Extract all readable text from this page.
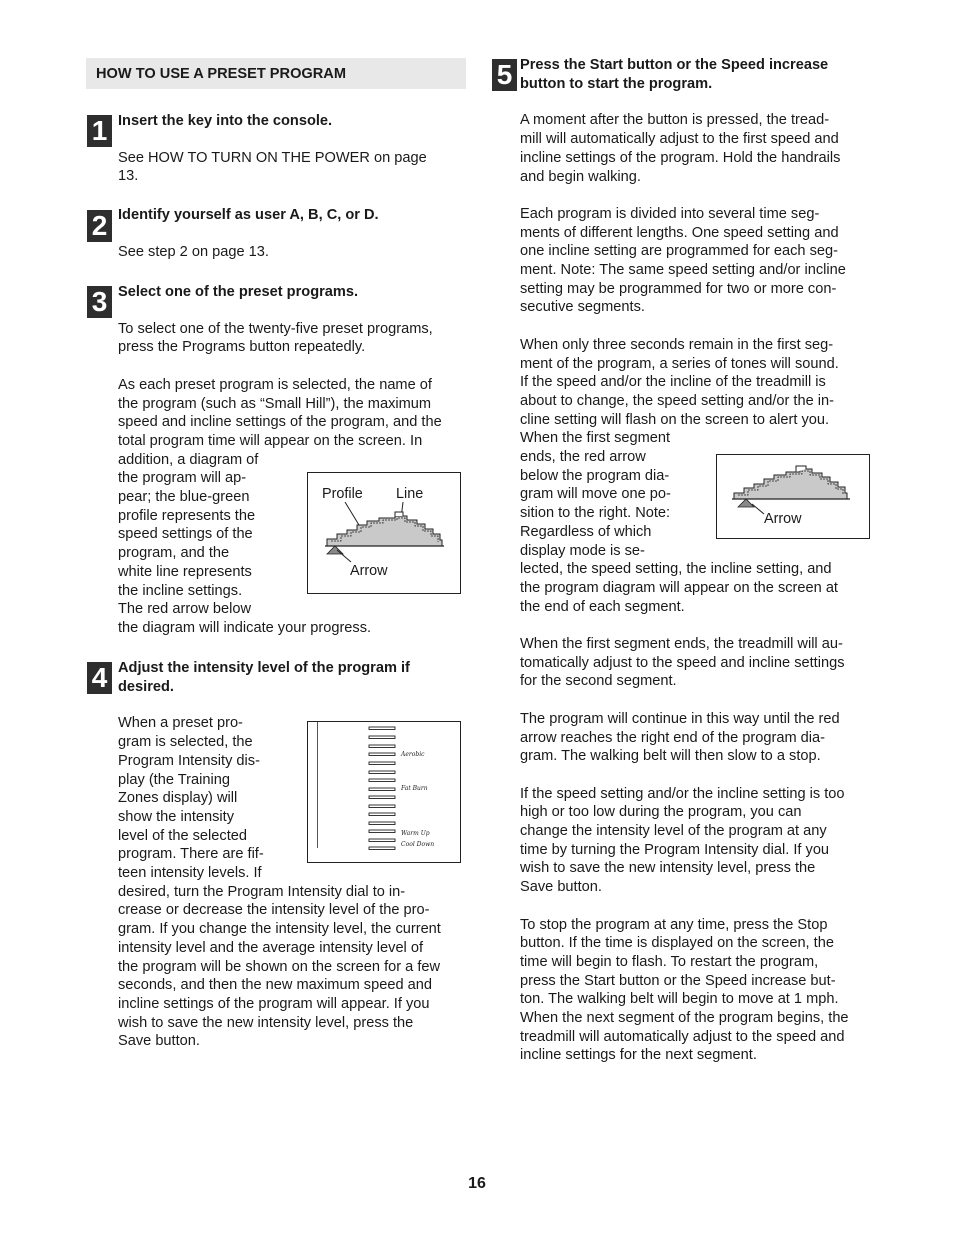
HOW TO USE A PRESET PROGRAM
1 Insert the key into the console.

See HOW TO TURN ON THE POWER on page
13.

2 Identify yourself as user A, B, C, or D.

See step 2 on page 13.

3 Select one of the preset programs.

To select one of the twenty-five preset programs,
press the Programs button repeatedly.

As each preset program is selected, the name of
the program (such as “Small Hill”), the maximum
speed and incline settings of the program, and the
total program time will appear on the screen. In
addition, a diagram of
the program will ap-
pear; the blue-green
profile represents the
speed settings of the
program, and the
white line represents
the incline settings.
The red arrow below
the diagram will indicate your progress.

Profile Line
Arrow
4 Adjust the intensity level of the program if
desired.

When a preset pro-
gram is selected, the
Program Intensity dis-
play (the Training
Zones display) will
show the intensity
level of the selected
program. There are fif-
teen intensity levels. If
desired, turn the Program Intensity dial to in-
crease or decrease the intensity level of the pro-
gram. If you change the intensity level, the current
intensity level and the average intensity level of
the program will be shown on the screen for a few
seconds, and then the new maximum speed and
incline settings of the program will appear. If you
wish to save the new intensity level, press the
Save button.

Aerobic
Fat Burn
Warm Up
Cool Down
5 Press the Start button or the Speed increase
button to start the program.

A moment after the button is pressed, the tread-
mill will automatically adjust to the first speed and
incline settings of the program. Hold the handrails
and begin walking.

Each program is divided into several time seg-
ments of different lengths. One speed setting and
one incline setting are programmed for each seg-
ment. Note: The same speed setting and/or incline
setting may be programmed for two or more con-
secutive segments.

When only three seconds remain in the first seg-
ment of the program, a series of tones will sound.
If the speed and/or the incline of the treadmill is
about to change, the speed setting and/or the in-
cline setting will flash on the screen to alert you.
When the first segment
ends, the red arrow
below the program dia-
gram will move one po-
sition to the right. Note:
Regardless of which
display mode is se-
lected, the speed setting, the incline setting, and
the program diagram will appear on the screen at
the end of each segment.

When the first segment ends, the treadmill will au-
tomatically adjust to the speed and incline settings
for the second segment.

The program will continue in this way until the red
arrow reaches the right end of the program dia-
gram. The walking belt will then slow to a stop.

If the speed setting and/or the incline setting is too
high or too low during the program, you can
change the intensity level of the program at any
time by turning the Program Intensity dial. If you
wish to save the new intensity level, press the
Save button.

To stop the program at any time, press the Stop
button. If the time is displayed on the screen, the
time will begin to flash. To restart the program,
press the Start button or the Speed increase but-
ton. The walking belt will begin to move at 1 mph.
When the next segment of the program begins, the
treadmill will automatically adjust to the speed and
incline settings for the next segment.

Arrow
16
